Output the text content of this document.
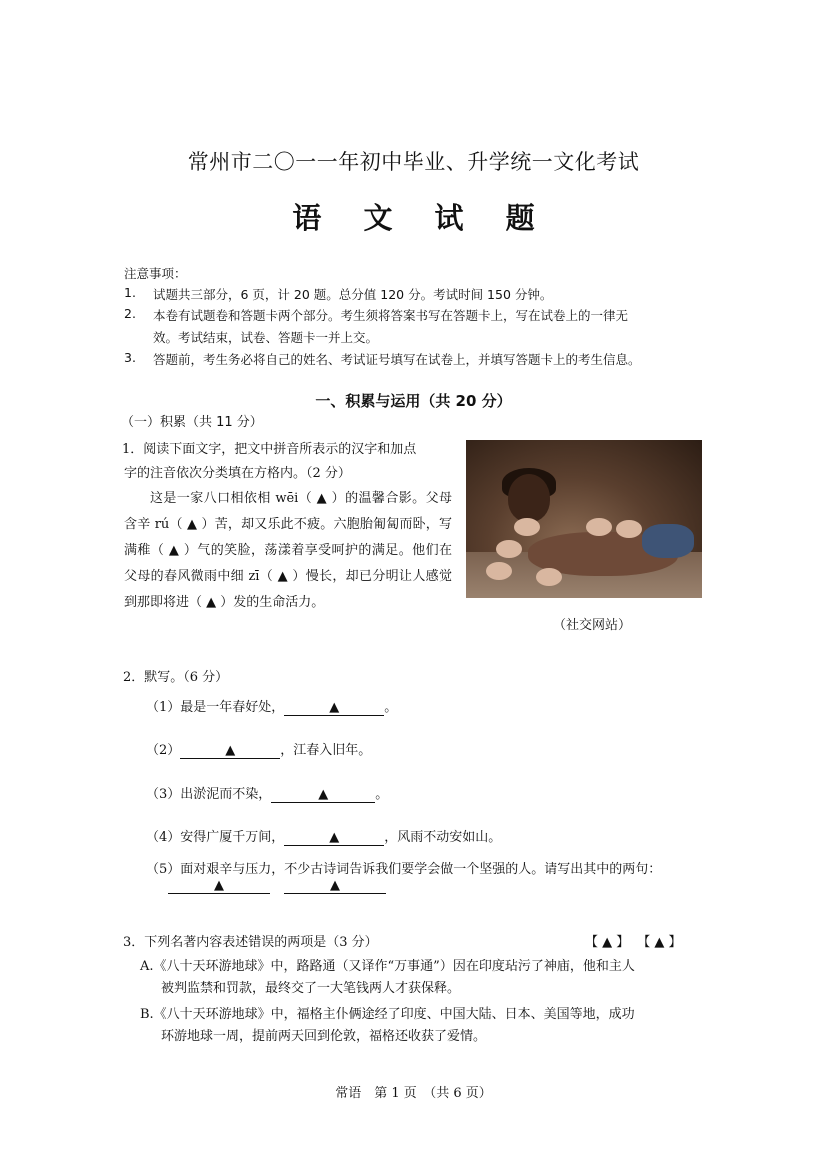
常州市二〇一一年初中毕业、升学统一文化考试
语 文 试 题
注意事项：
1. 试题共三部分，6 页，计 20 题。总分值 120 分。考试时间 150 分钟。
2. 本卷有试题卷和答题卡两个部分。考生须将答案书写在答题卡上，写在试卷上的一律无
效。考试结束，试卷、答题卡一并上交。
3. 答题前，考生务必将自己的姓名、考试证号填写在试卷上，并填写答题卡上的考生信息。
一、积累与运用（共 20 分）
（一）积累（共 11 分）
1．阅读下面文字，把文中拼音所表示的汉字和加点
字的注音依次分类填在方格内。（2 分）
这是一家八口相依相 wēi（ ▲ ）的温馨合影。父母含辛 rú（ ▲ ）苦，却又乐此不疲。六胞胎匍匐而卧，写满稚（ ▲ ）气的笑脸，荡漾着享受呵护的满足。他们在父母的春风微雨中细 zī（ ▲ ）慢长，却已分明让人感觉到那即将进（ ▲ ）发的生命活力。
（社交网站）
2．默写。（6 分）
（1）最是一年春好处，	▲	。
（2）	▲	，江春入旧年。
（3）出淤泥而不染，	▲	。
（4）安得广厦千万间，	▲	，风雨不动安如山。
（5）面对艰辛与压力，不少古诗词告诉我们要学会做一个坚强的人。请写出其中的两句：
▲	▲
3．下列名著内容表述错误的两项是（3 分）	【 ▲ 】 【 ▲ 】
A.《八十天环游地球》中，路路通（又译作“万事通”）因在印度玷污了神庙，他和主人
被判监禁和罚款，最终交了一大笔钱两人才获保释。
B.《八十天环游地球》中，福格主仆俩途经了印度、中国大陆、日本、美国等地，成功
环游地球一周，提前两天回到伦敦，福格还收获了爱情。
常语　第 1 页　（共 6 页）
